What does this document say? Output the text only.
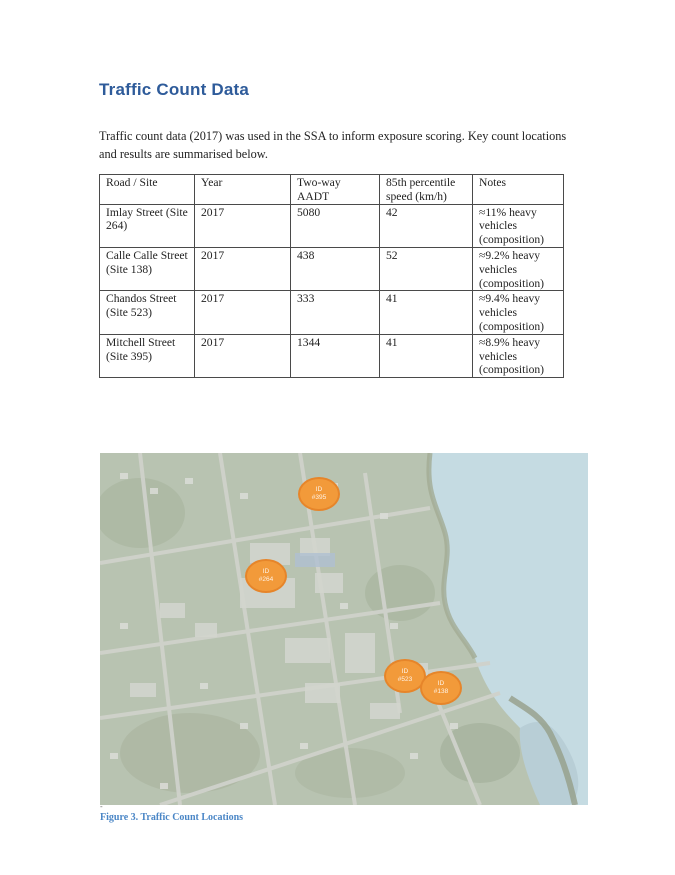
Traffic Count Data
Traffic count data (2017) was used in the SSA to inform exposure scoring. Key count locations and results are summarised below.
Road / Site	Year	Two-way AADT	85th percentile speed (km/h)	Notes
Imlay Street (Site 264)	2017	5080	42	≈11% heavy vehicles (composition)
Calle Calle Street (Site 138)	2017	438	52	≈9.2% heavy vehicles (composition)
Chandos Street (Site 523)	2017	333	41	≈9.4% heavy vehicles (composition)
Mitchell Street (Site 395)	2017	1344	41	≈8.9% heavy vehicles (composition)
ID
#395
ID
#264
ID
#523
ID
#138
-
Figure 3. Traffic Count Locations
